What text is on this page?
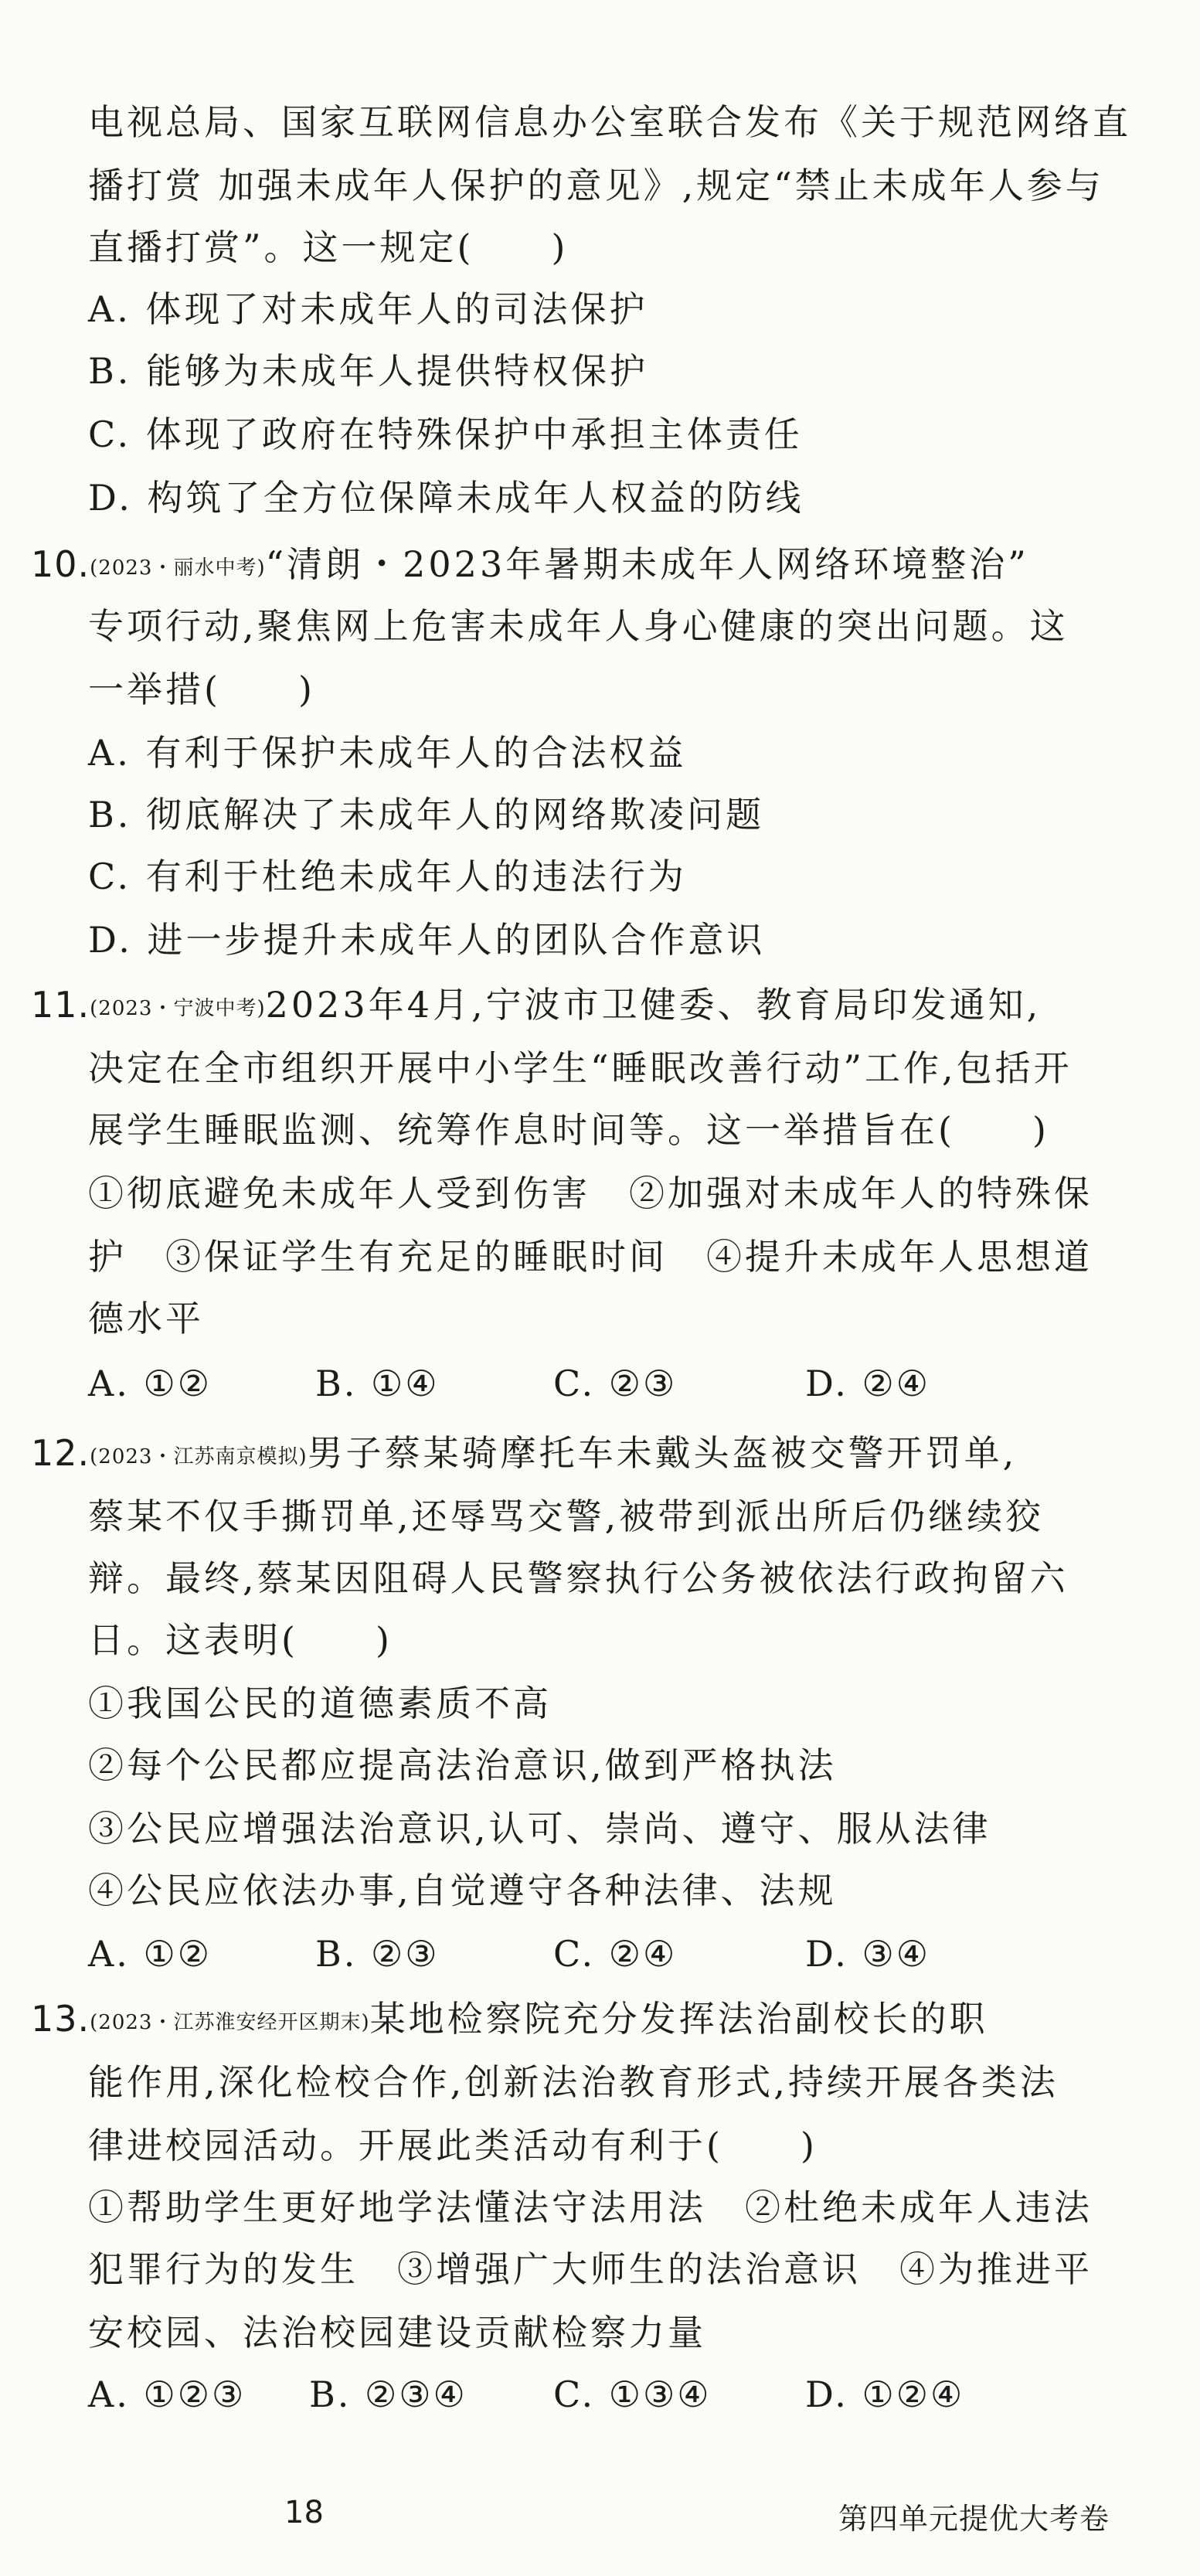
电视总局、国家互联网信息办公室联合发布《关于规范网络直
播打赏 加强未成年人保护的意见》,规定“禁止未成年人参与
直播打赏”。这一规定(　　)
A. 体现了对未成年人的司法保护
B. 能够为未成年人提供特权保护
C. 体现了政府在特殊保护中承担主体责任
D. 构筑了全方位保障未成年人权益的防线
10.(2023・丽水中考)“清朗・2023年暑期未成年人网络环境整治”
专项行动,聚焦网上危害未成年人身心健康的突出问题。这
一举措(　　)
A. 有利于保护未成年人的合法权益
B. 彻底解决了未成年人的网络欺凌问题
C. 有利于杜绝未成年人的违法行为
D. 进一步提升未成年人的团队合作意识
11.(2023・宁波中考)2023年4月,宁波市卫健委、教育局印发通知,
决定在全市组织开展中小学生“睡眠改善行动”工作,包括开
展学生睡眠监测、统筹作息时间等。这一举措旨在(　　)
①彻底避免未成年人受到伤害　②加强对未成年人的特殊保
护　③保证学生有充足的睡眠时间　④提升未成年人思想道
德水平
A. ①②	B. ①④	C. ②③	D. ②④
12.(2023・江苏南京模拟)男子蔡某骑摩托车未戴头盔被交警开罚单,
蔡某不仅手撕罚单,还辱骂交警,被带到派出所后仍继续狡
辩。最终,蔡某因阻碍人民警察执行公务被依法行政拘留六
日。这表明(　　)
①我国公民的道德素质不高
②每个公民都应提高法治意识,做到严格执法
③公民应增强法治意识,认可、崇尚、遵守、服从法律
④公民应依法办事,自觉遵守各种法律、法规
A. ①②	B. ②③	C. ②④	D. ③④
13.(2023・江苏淮安经开区期末)某地检察院充分发挥法治副校长的职
能作用,深化检校合作,创新法治教育形式,持续开展各类法
律进校园活动。开展此类活动有利于(　　)
①帮助学生更好地学法懂法守法用法　②杜绝未成年人违法
犯罪行为的发生　③增强广大师生的法治意识　④为推进平
安校园、法治校园建设贡献检察力量
A. ①②③ B. ②③④ C. ①③④	D. ①②④
18	第四单元提优大考卷
